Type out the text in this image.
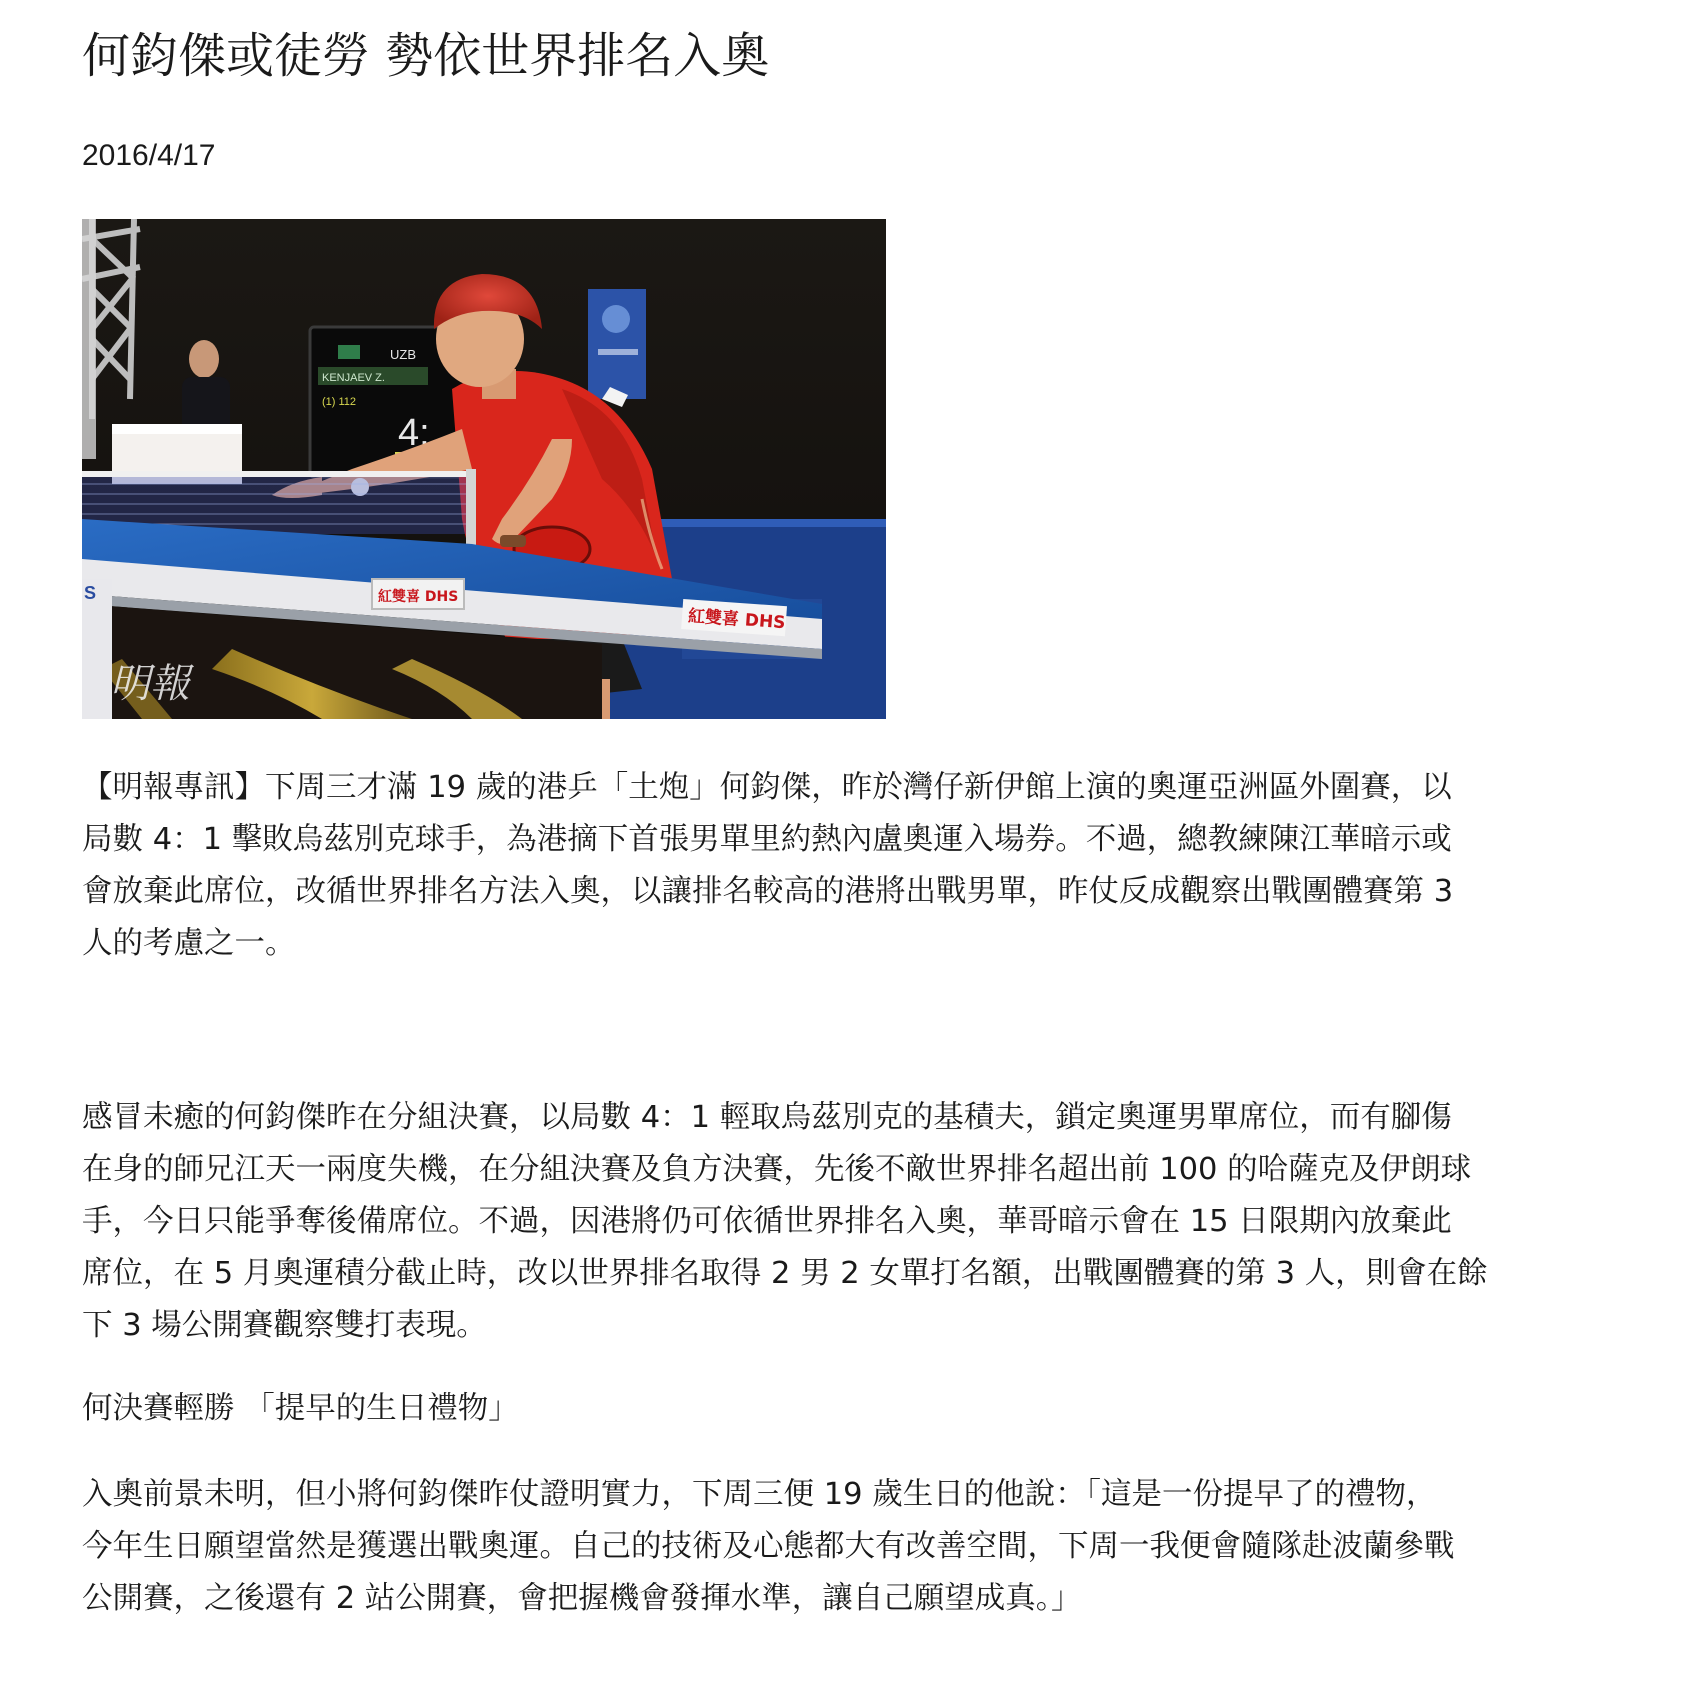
何鈞傑或徒勞 勢依世界排名入奧
2016/4/17
UZB
KENJAEV Z.
(1) 112
4:
紅雙喜 DHS
紅雙喜 DHS
S
明報
【明報專訊】下周三才滿 19 歲的港乒「土炮」何鈞傑，昨於灣仔新伊館上演的奧運亞洲區外圍賽，以
局數 4：1 擊敗烏茲別克球手，為港摘下首張男單里約熱內盧奧運入場券。不過，總教練陳江華暗示或
會放棄此席位，改循世界排名方法入奧，以讓排名較高的港將出戰男單，昨仗反成觀察出戰團體賽第 3
人的考慮之一。
感冒未癒的何鈞傑昨在分組決賽，以局數 4：1 輕取烏茲別克的基積夫，鎖定奧運男單席位，而有腳傷
在身的師兄江天一兩度失機，在分組決賽及負方決賽，先後不敵世界排名超出前 100 的哈薩克及伊朗球
手，今日只能爭奪後備席位。不過，因港將仍可依循世界排名入奧，華哥暗示會在 15 日限期內放棄此
席位，在 5 月奧運積分截止時，改以世界排名取得 2 男 2 女單打名額，出戰團體賽的第 3 人，則會在餘
下 3 場公開賽觀察雙打表現。
何決賽輕勝 「提早的生日禮物」
入奧前景未明，但小將何鈞傑昨仗證明實力，下周三便 19 歲生日的他說：「這是一份提早了的禮物，
今年生日願望當然是獲選出戰奧運。自己的技術及心態都大有改善空間，下周一我便會隨隊赴波蘭參戰
公開賽，之後還有 2 站公開賽，會把握機會發揮水準，讓自己願望成真。」
